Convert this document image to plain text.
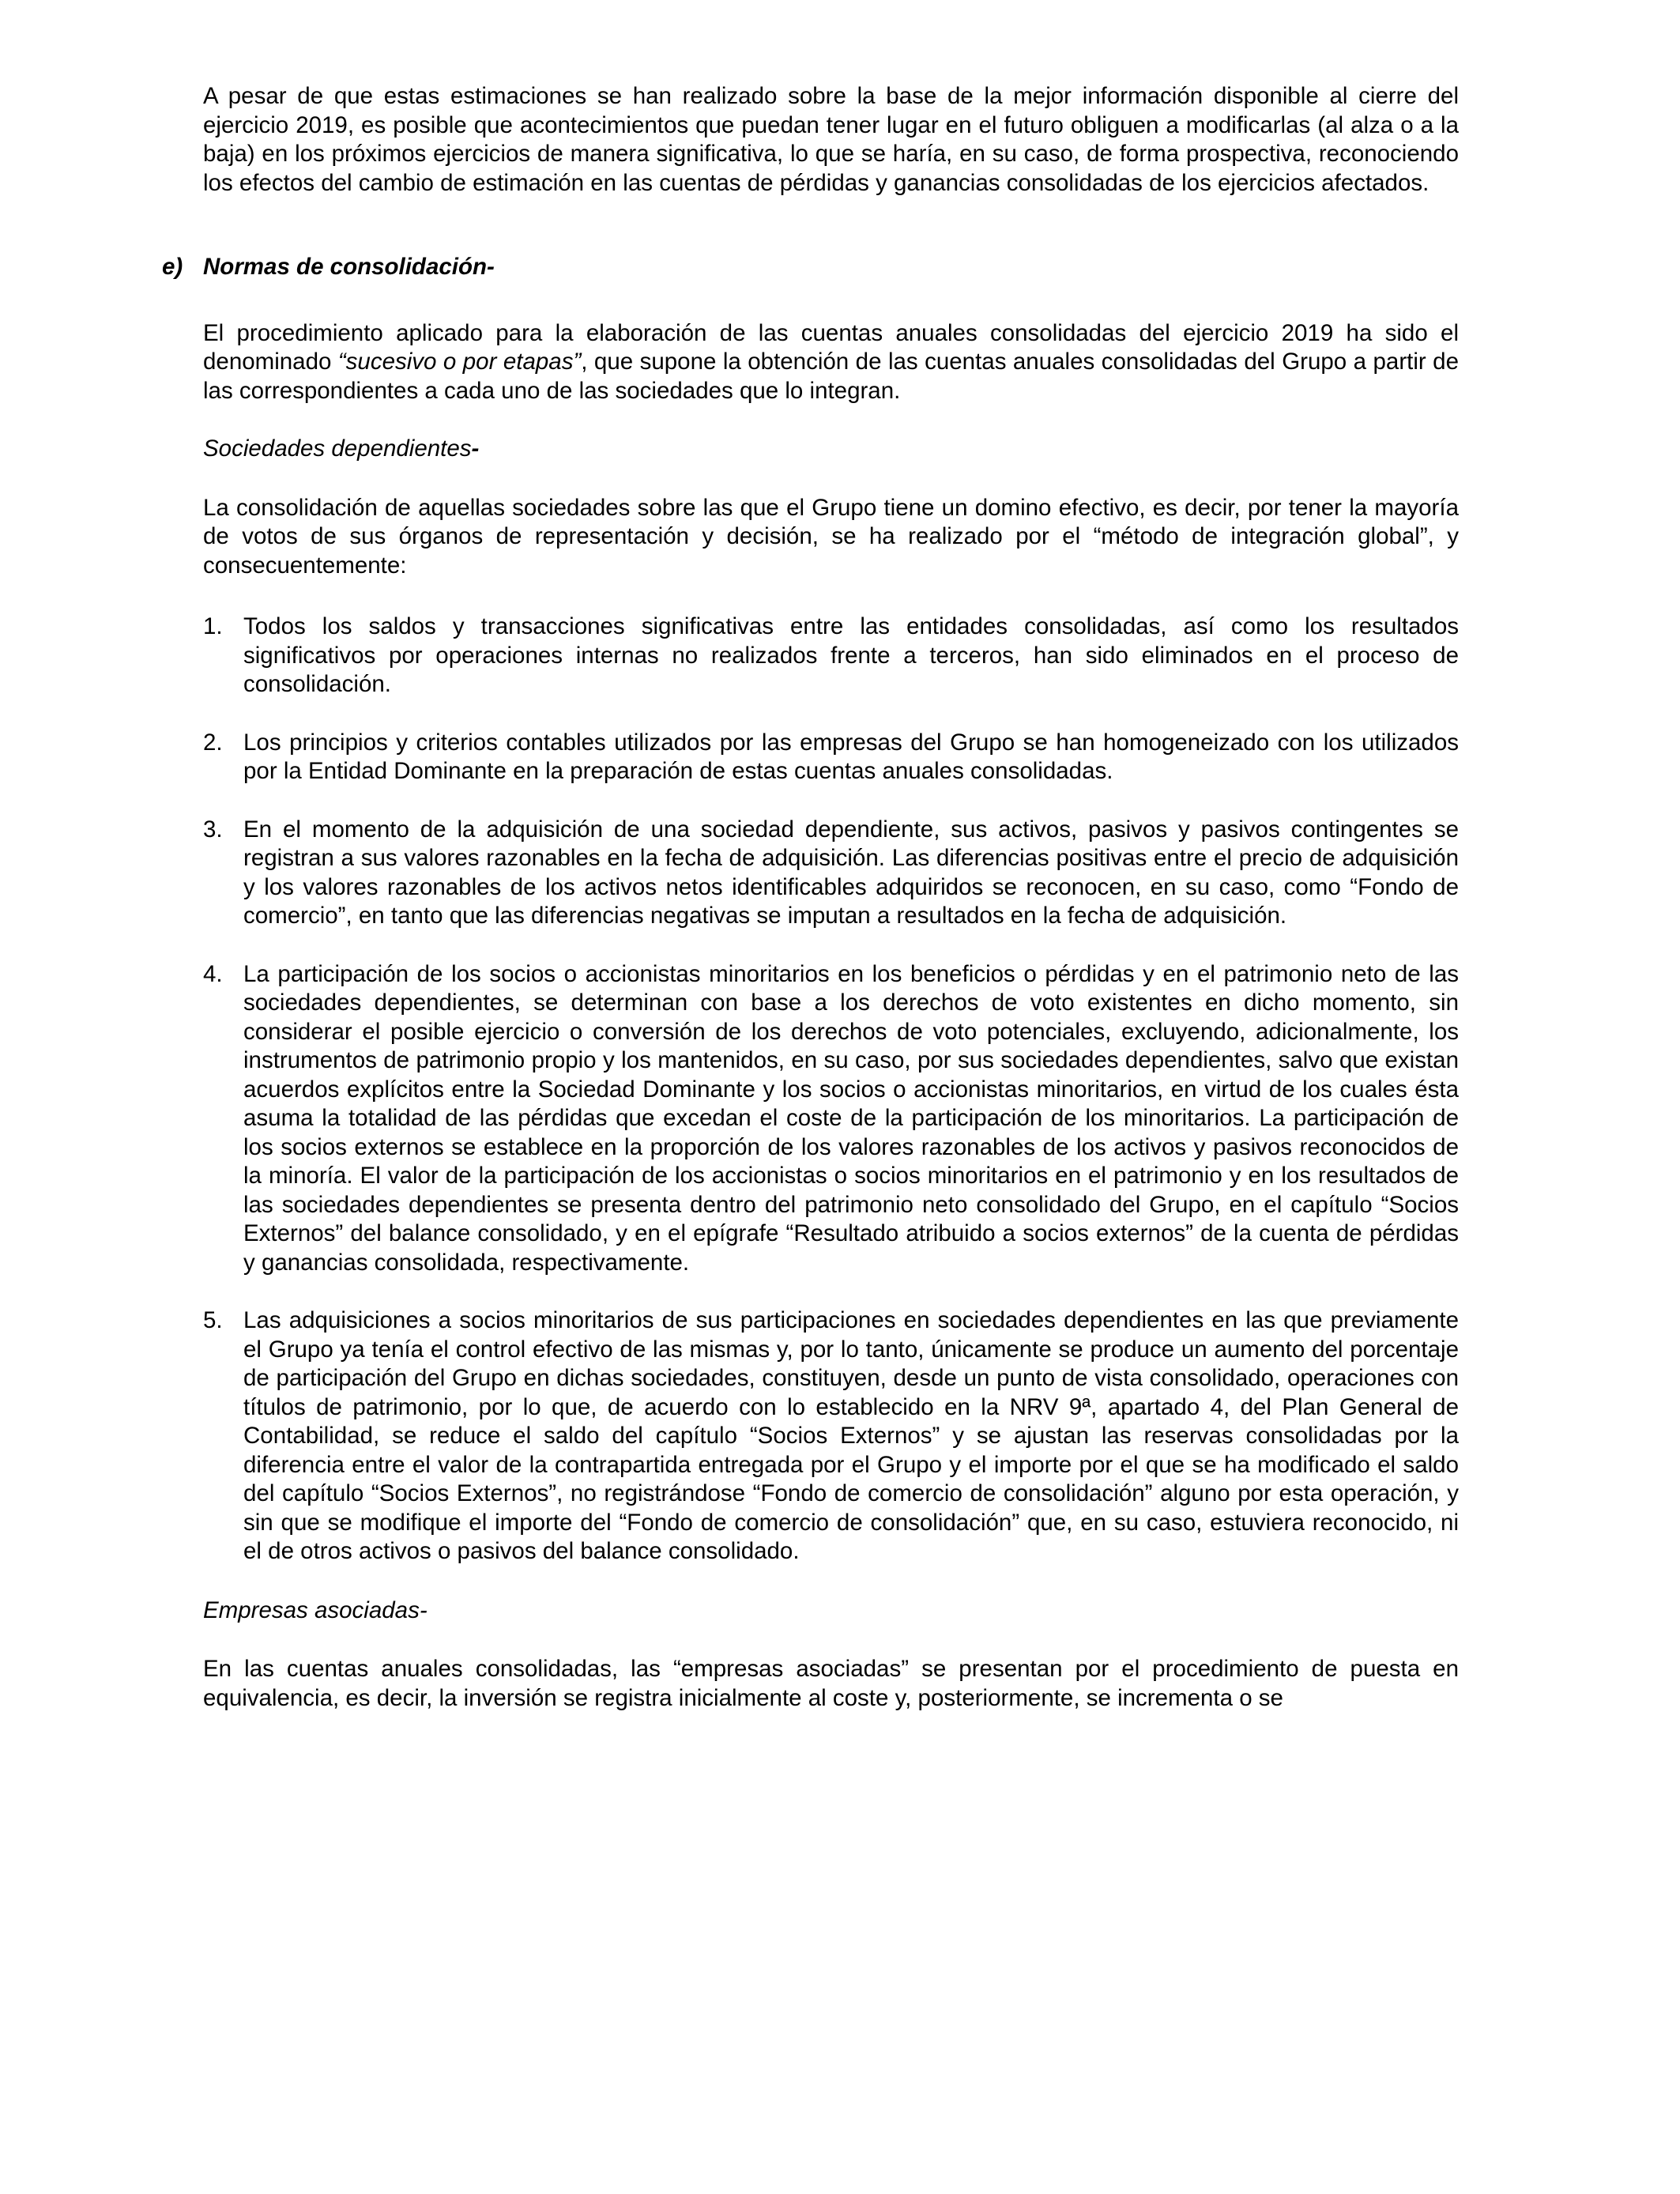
A pesar de que estas estimaciones se han realizado sobre la base de la mejor información disponible al cierre del ejercicio 2019, es posible que acontecimientos que puedan tener lugar en el futuro obliguen a modificarlas (al alza o a la baja) en los próximos ejercicios de manera significativa, lo que se haría, en su caso, de forma prospectiva, reconociendo los efectos del cambio de estimación en las cuentas de pérdidas y ganancias consolidadas de los ejercicios afectados.

e) Normas de consolidación-

El procedimiento aplicado para la elaboración de las cuentas anuales consolidadas del ejercicio 2019 ha sido el denominado “sucesivo o por etapas”, que supone la obtención de las cuentas anuales consolidadas del Grupo a partir de las correspondientes a cada uno de las sociedades que lo integran.

Sociedades dependientes-

La consolidación de aquellas sociedades sobre las que el Grupo tiene un domino efectivo, es decir, por tener la mayoría de votos de sus órganos de representación y decisión, se ha realizado por el “método de integración global”, y consecuentemente:

1. Todos los saldos y transacciones significativas entre las entidades consolidadas, así como los resultados significativos por operaciones internas no realizados frente a terceros, han sido eliminados en el proceso de consolidación.
2. Los principios y criterios contables utilizados por las empresas del Grupo se han homogeneizado con los utilizados por la Entidad Dominante en la preparación de estas cuentas anuales consolidadas.
3. En el momento de la adquisición de una sociedad dependiente, sus activos, pasivos y pasivos contingentes se registran a sus valores razonables en la fecha de adquisición. Las diferencias positivas entre el precio de adquisición y los valores razonables de los activos netos identificables adquiridos se reconocen, en su caso, como “Fondo de comercio”, en tanto que las diferencias negativas se imputan a resultados en la fecha de adquisición.
4. La participación de los socios o accionistas minoritarios en los beneficios o pérdidas y en el patrimonio neto de las sociedades dependientes, se determinan con base a los derechos de voto existentes en dicho momento, sin considerar el posible ejercicio o conversión de los derechos de voto potenciales, excluyendo, adicionalmente, los instrumentos de patrimonio propio y los mantenidos, en su caso, por sus sociedades dependientes, salvo que existan acuerdos explícitos entre la Sociedad Dominante y los socios o accionistas minoritarios, en virtud de los cuales ésta asuma la totalidad de las pérdidas que excedan el coste de la participación de los minoritarios. La participación de los socios externos se establece en la proporción de los valores razonables de los activos y pasivos reconocidos de la minoría. El valor de la participación de los accionistas o socios minoritarios en el patrimonio y en los resultados de las sociedades dependientes se presenta dentro del patrimonio neto consolidado del Grupo, en el capítulo “Socios Externos” del balance consolidado, y en el epígrafe “Resultado atribuido a socios externos” de la cuenta de pérdidas y ganancias consolidada, respectivamente.
5. Las adquisiciones a socios minoritarios de sus participaciones en sociedades dependientes en las que previamente el Grupo ya tenía el control efectivo de las mismas y, por lo tanto, únicamente se produce un aumento del porcentaje de participación del Grupo en dichas sociedades, constituyen, desde un punto de vista consolidado, operaciones con títulos de patrimonio, por lo que, de acuerdo con lo establecido en la NRV 9ª, apartado 4, del Plan General de Contabilidad, se reduce el saldo del capítulo “Socios Externos” y se ajustan las reservas consolidadas por la diferencia entre el valor de la contrapartida entregada por el Grupo y el importe por el que se ha modificado el saldo del capítulo “Socios Externos”, no registrándose “Fondo de comercio de consolidación” alguno por esta operación, y sin que se modifique el importe del “Fondo de comercio de consolidación” que, en su caso, estuviera reconocido, ni el de otros activos o pasivos del balance consolidado.

Empresas asociadas-

En las cuentas anuales consolidadas, las “empresas asociadas” se presentan por el procedimiento de puesta en equivalencia, es decir, la inversión se registra inicialmente al coste y, posteriormente, se incrementa o se
